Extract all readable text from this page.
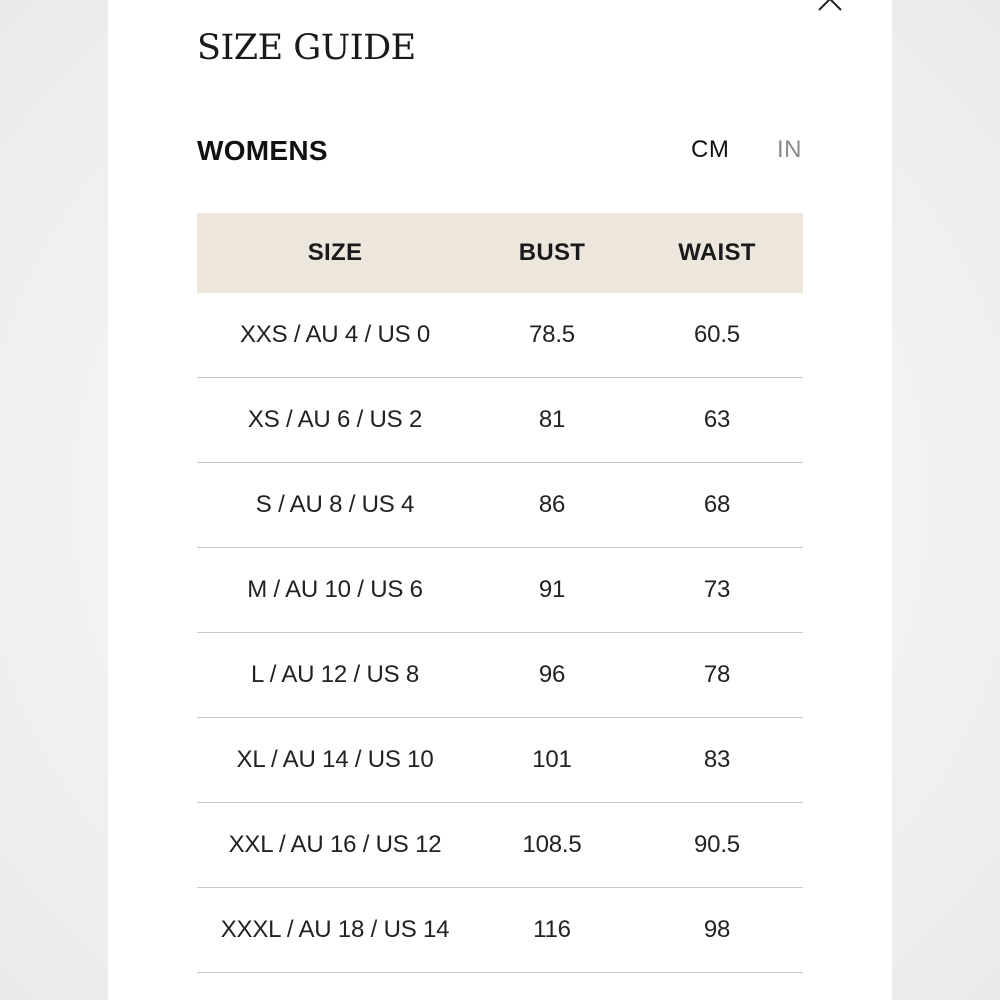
SIZE GUIDE
WOMENS	CM IN
SIZE	BUST	WAIST
XXS / AU 4 / US 0	78.5	60.5
XS / AU 6 / US 2	81	63
S / AU 8 / US 4	86	68
M / AU 10 / US 6	91	73
L / AU 12 / US 8	96	78
XL / AU 14 / US 10	101	83
XXL / AU 16 / US 12	108.5	90.5
XXXL / AU 18 / US 14	116	98
